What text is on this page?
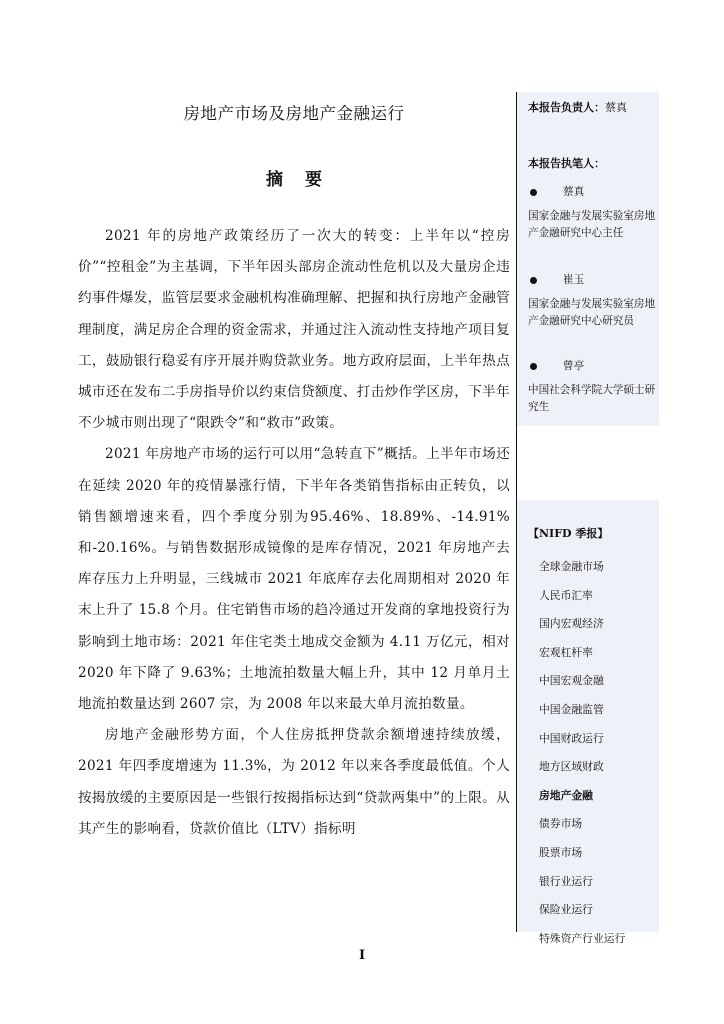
房地产市场及房地产金融运行
摘要

2021 年的房地产政策经历了一次大的转变：上半年以“控房价”“控租金”为主基调，下半年因头部房企流动性危机以及大量房企违约事件爆发，监管层要求金融机构准确理解、把握和执行房地产金融管理制度，满足房企合理的资金需求，并通过注入流动性支持地产项目复工，鼓励银行稳妥有序开展并购贷款业务。地方政府层面，上半年热点城市还在发布二手房指导价以约束信贷额度、打击炒作学区房，下半年不少城市则出现了“限跌令”和“救市”政策。

2021 年房地产市场的运行可以用“急转直下”概括。上半年市场还在延续 2020 年的疫情暴涨行情，下半年各类销售指标由正转负，以销售额增速来看，四个季度分别为95.46%、18.89%、-14.91%和-20.16%。与销售数据形成镜像的是库存情况，2021 年房地产去库存压力上升明显，三线城市 2021 年底库存去化周期相对 2020 年末上升了 15.8 个月。住宅销售市场的趋冷通过开发商的拿地投资行为影响到土地市场：2021 年住宅类土地成交金额为 4.11 万亿元，相对 2020 年下降了 9.63%；土地流拍数量大幅上升，其中 12 月单月土地流拍数量达到 2607 宗，为 2008 年以来最大单月流拍数量。

房地产金融形势方面，个人住房抵押贷款余额增速持续放缓，2021 年四季度增速为 11.3%，为 2012 年以来各季度最低值。个人按揭放缓的主要原因是一些银行按揭指标达到“贷款两集中”的上限。从其产生的影响看，贷款价值比（LTV）指标明

本报告负责人：蔡真
本报告执笔人：
蔡真
国家金融与发展实验室房地产金融研究中心主任
崔玉
国家金融与发展实验室房地产金融研究中心研究员
曾亭
中国社会科学院大学硕士研究生
【NIFD 季报】
全球金融市场
人民币汇率
国内宏观经济
宏观杠杆率
中国宏观金融
中国金融监管
中国财政运行
地方区域财政
房地产金融
债券市场
股票市场
银行业运行
保险业运行
特殊资产行业运行
I
